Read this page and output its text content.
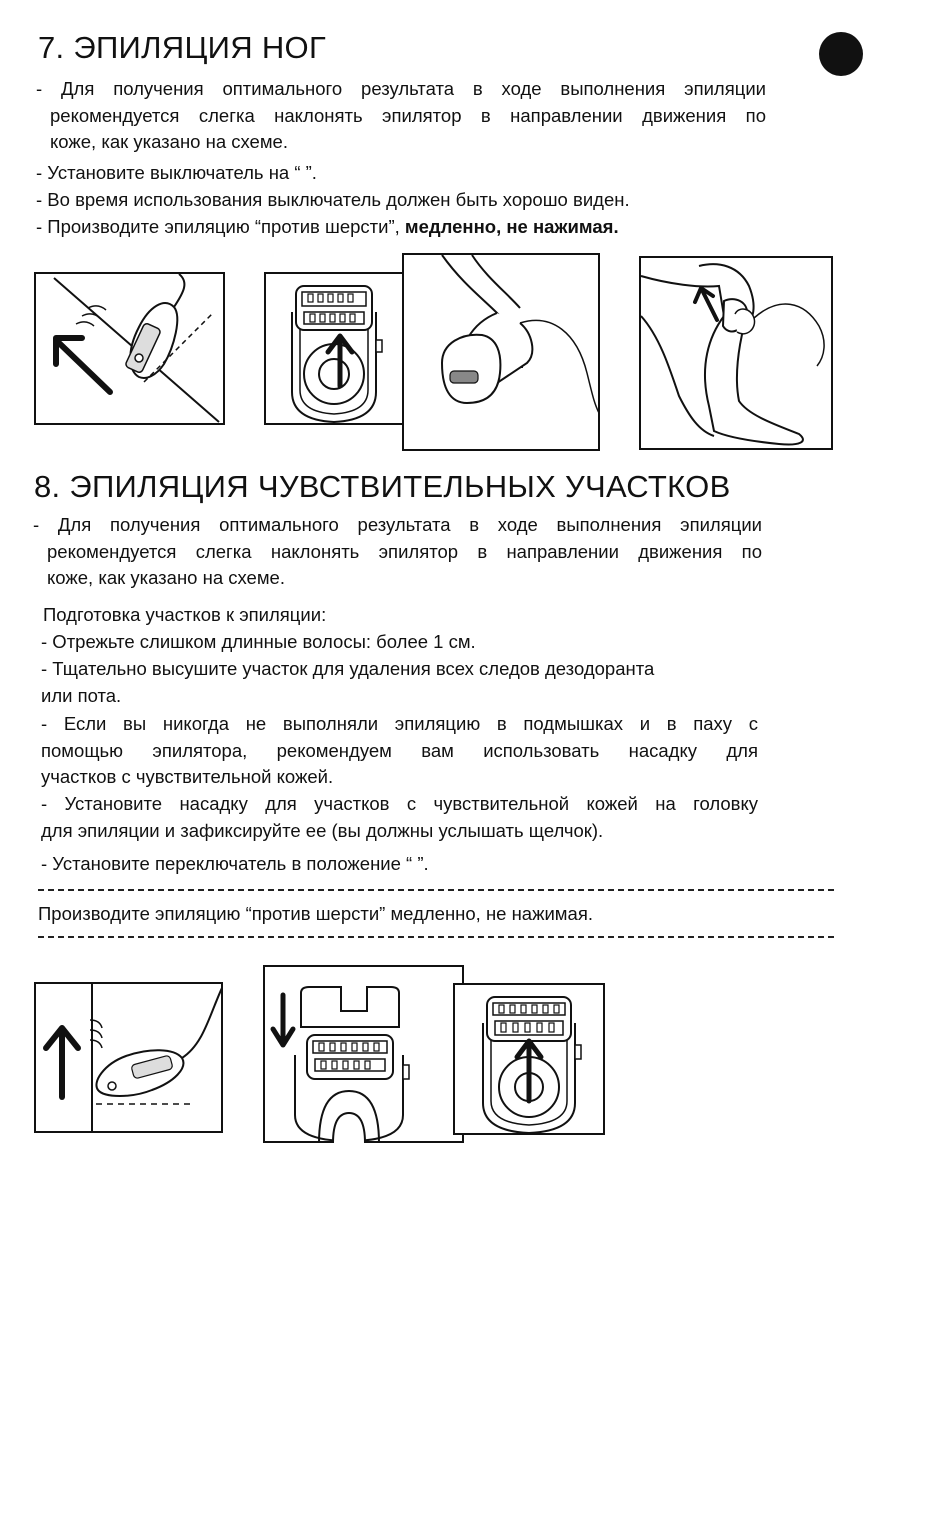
7. ЭПИЛЯЦИЯ НОГ
- Для получения оптимального результата в ходе выполнения эпиляции
рекомендуется слегка наклонять эпилятор в направлении движения по
коже, как указано на схеме.
- Установите выключатель на “ ”.
- Во время использования выключатель должен быть хорошо виден.
- Производите эпиляцию “против шерсти”, медленно, не нажимая.
8. ЭПИЛЯЦИЯ ЧУВСТВИТЕЛЬНЫХ УЧАСТКОВ
- Для получения оптимального результата в ходе выполнения эпиляции
рекомендуется слегка наклонять эпилятор в направлении движения по
коже, как указано на схеме.
Подготовка участков к эпиляции:
- Отрежьте слишком длинные волосы: более 1 см.
- Тщательно высушите участок для удаления всех следов дезодоранта
или пота.
- Если вы никогда не выполняли эпиляцию в подмышках и в паху с
помощью эпилятора, рекомендуем вам использовать насадку для
участков с чувствительной кожей.
- Установите насадку для участков с чувствительной кожей на головку
для эпиляции и зафиксируйте ее (вы должны услышать щелчок).
- Установите переключатель в положение “ ”.
Производите эпиляцию “против шерсти” медленно, не нажимая.
